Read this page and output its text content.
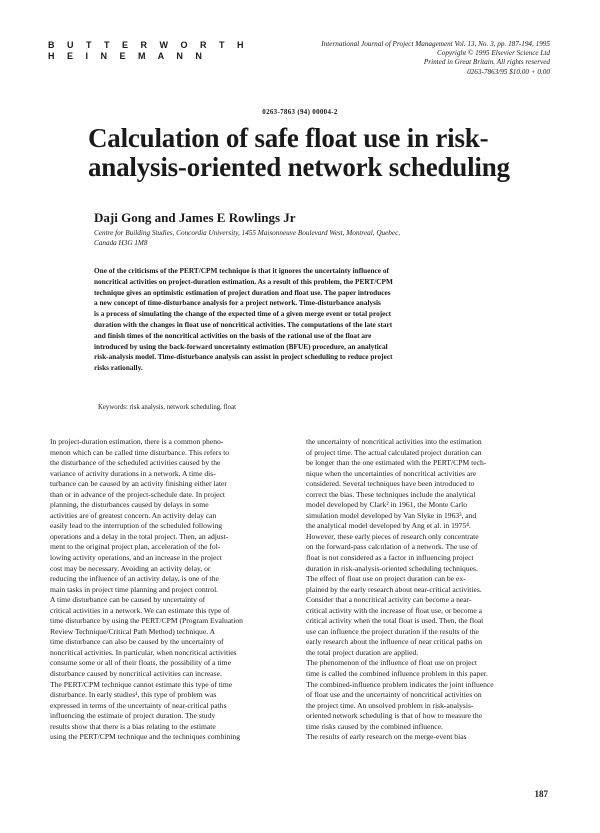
B U T T E R W O R T H
H E I N E M A N N
International Journal of Project Management Vol. 13, No. 3, pp. 187-194, 1995
Copyright © 1995 Elsevier Science Ltd
Printed in Great Britain. All rights reserved
0263-7863/95 $10.00 + 0.00
0263-7863 (94) 00004-2
Calculation of safe float use in risk-
analysis-oriented network scheduling
Daji Gong and James E Rowlings Jr
Centre for Building Studies, Concordia University, 1455 Maisonneuve Boulevard West, Montreal, Quebec,
Canada H3G 1M8
One of the criticisms of the PERT/CPM technique is that it ignores the uncertainty influence of
noncritical activities on project-duration estimation. As a result of this problem, the PERT/CPM
technique gives an optimistic estimation of project duration and float use. The paper introduces
a new concept of time-disturbance analysis for a project network. Time-disturbance analysis
is a process of simulating the change of the expected time of a given merge event or total project
duration with the changes in float use of noncritical activities. The computations of the late start
and finish times of the noncritical activities on the basis of the rational use of the float are
introduced by using the back-forward uncertainty estimation (BFUE) procedure, an analytical
risk-analysis model. Time-disturbance analysis can assist in project scheduling to reduce project
risks rationally.
Keywords: risk analysis, network scheduling, float
In project-duration estimation, there is a common pheno-
menon which can be called time disturbance. This refers to
the disturbance of the scheduled activities caused by the
variance of activity durations in a network. A time dis-
turbance can be caused by an activity finishing either later
than or in advance of the project-schedule date. In project
planning, the disturbances caused by delays in some
activities are of greatest concern. An activity delay can
easily lead to the interruption of the scheduled following
operations and a delay in the total project. Then, an adjust-
ment to the original project plan, acceleration of the fol-
lowing activity operations, and an increase in the project
cost may be necessary. Avoiding an activity delay, or
reducing the influence of an activity delay, is one of the
main tasks in project time planning and project control.
A time disturbance can be caused by uncertainty of
critical activities in a network. We can estimate this type of
time disturbance by using the PERT/CPM (Program Evaluation
Review Technique/Critical Path Method) technique. A
time disturbance can also be caused by the uncertainty of
noncritical activities. In particular, when noncritical activities
consume some or all of their floats, the possibility of a time
disturbance caused by noncritical activities can increase.
The PERT/CPM technique cannot estimate this type of time
disturbance. In early studies¹, this type of problem was
expressed in terms of the uncertainty of near-critical paths
influencing the estimate of project duration. The study
results show that there is a bias relating to the estimate
using the PERT/CPM technique and the techniques combining
the uncertainty of noncritical activities into the estimation
of project time. The actual calculated project duration can
be longer than the one estimated with the PERT/CPM tech-
nique when the uncertainties of noncritical activities are
considered. Several techniques have been introduced to
correct the bias. These techniques include the analytical
model developed by Clark² in 1961, the Monte Carlo
simulation model developed by Van Slyke in 1963³, and
the analytical model developed by Ang et al. in 1975⁴.
However, these early pieces of research only concentrate
on the forward-pass calculation of a network. The use of
float is not considered as a factor in influencing project
duration in risk-analysis-oriented scheduling techniques.
The effect of float use on project duration can be ex-
plained by the early research about near-critical activities.
Consider that a noncritical activity can become a near-
critical activity with the increase of float use, or become a
critical activity when the total float is used. Then, the float
use can influence the project duration if the results of the
early research about the influence of near critical paths on
the total project duration are applied.
The phenomenon of the influence of float use on project
time is called the combined influence problem in this paper.
The combined-influence problem indicates the joint influence
of float use and the uncertainty of noncritical activities on
the project time. An unsolved problem in risk-analysis-
oriented network scheduling is that of how to measure the
time risks caused by the combined influence.
The results of early research on the merge-event bias
187
